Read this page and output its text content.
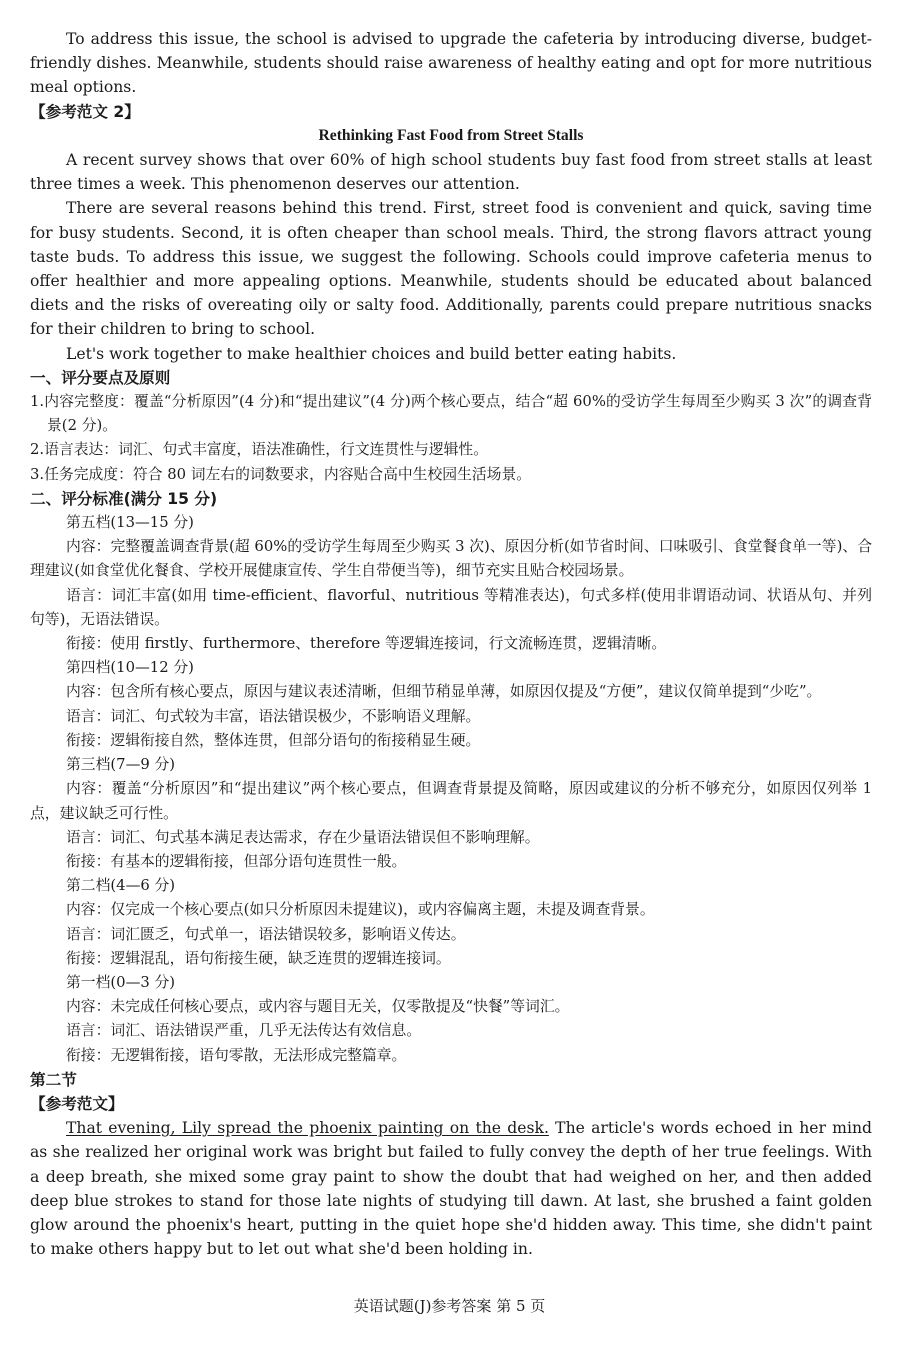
To address this issue, the school is advised to upgrade the cafeteria by introducing diverse, budget-friendly dishes. Meanwhile, students should raise awareness of healthy eating and opt for more nutritious meal options.

【参考范文 2】

Rethinking Fast Food from Street Stalls

A recent survey shows that over 60% of high school students buy fast food from street stalls at least three times a week. This phenomenon deserves our attention.

There are several reasons behind this trend. First, street food is convenient and quick, saving time for busy students. Second, it is often cheaper than school meals. Third, the strong flavors attract young taste buds. To address this issue, we suggest the following. Schools could improve cafeteria menus to offer healthier and more appealing options. Meanwhile, students should be educated about balanced diets and the risks of overeating oily or salty food. Additionally, parents could prepare nutritious snacks for their children to bring to school.

Let's work together to make healthier choices and build better eating habits.

一、评分要点及原则

1.内容完整度：覆盖“分析原因”(4 分)和“提出建议”(4 分)两个核心要点，结合“超 60%的受访学生每周至少购买 3 次”的调查背景(2 分)。

2.语言表达：词汇、句式丰富度，语法准确性，行文连贯性与逻辑性。

3.任务完成度：符合 80 词左右的词数要求，内容贴合高中生校园生活场景。

二、评分标准(满分 15 分)

第五档(13—15 分)

内容：完整覆盖调查背景(超 60%的受访学生每周至少购买 3 次)、原因分析(如节省时间、口味吸引、食堂餐食单一等)、合理建议(如食堂优化餐食、学校开展健康宣传、学生自带便当等)，细节充实且贴合校园场景。

语言：词汇丰富(如用 time-efficient、flavorful、nutritious 等精准表达)，句式多样(使用非谓语动词、状语从句、并列句等)，无语法错误。

衔接：使用 firstly、furthermore、therefore 等逻辑连接词，行文流畅连贯，逻辑清晰。

第四档(10—12 分)

内容：包含所有核心要点，原因与建议表述清晰，但细节稍显单薄，如原因仅提及“方便”，建议仅简单提到“少吃”。

语言：词汇、句式较为丰富，语法错误极少，不影响语义理解。

衔接：逻辑衔接自然，整体连贯，但部分语句的衔接稍显生硬。

第三档(7—9 分)

内容：覆盖“分析原因”和“提出建议”两个核心要点，但调查背景提及简略，原因或建议的分析不够充分，如原因仅列举 1 点，建议缺乏可行性。

语言：词汇、句式基本满足表达需求，存在少量语法错误但不影响理解。

衔接：有基本的逻辑衔接，但部分语句连贯性一般。

第二档(4—6 分)

内容：仅完成一个核心要点(如只分析原因未提建议)，或内容偏离主题，未提及调查背景。

语言：词汇匮乏，句式单一，语法错误较多，影响语义传达。

衔接：逻辑混乱，语句衔接生硬，缺乏连贯的逻辑连接词。

第一档(0—3 分)

内容：未完成任何核心要点，或内容与题目无关，仅零散提及“快餐”等词汇。

语言：词汇、语法错误严重，几乎无法传达有效信息。

衔接：无逻辑衔接，语句零散，无法形成完整篇章。

第二节

【参考范文】

That evening, Lily spread the phoenix painting on the desk. The article's words echoed in her mind as she realized her original work was bright but failed to fully convey the depth of her true feelings. With a deep breath, she mixed some gray paint to show the doubt that had weighed on her, and then added deep blue strokes to stand for those late nights of studying till dawn. At last, she brushed a faint golden glow around the phoenix's heart, putting in the quiet hope she'd hidden away. This time, she didn't paint to make others happy but to let out what she'd been holding in.

英语试题(J)参考答案 第 5 页
